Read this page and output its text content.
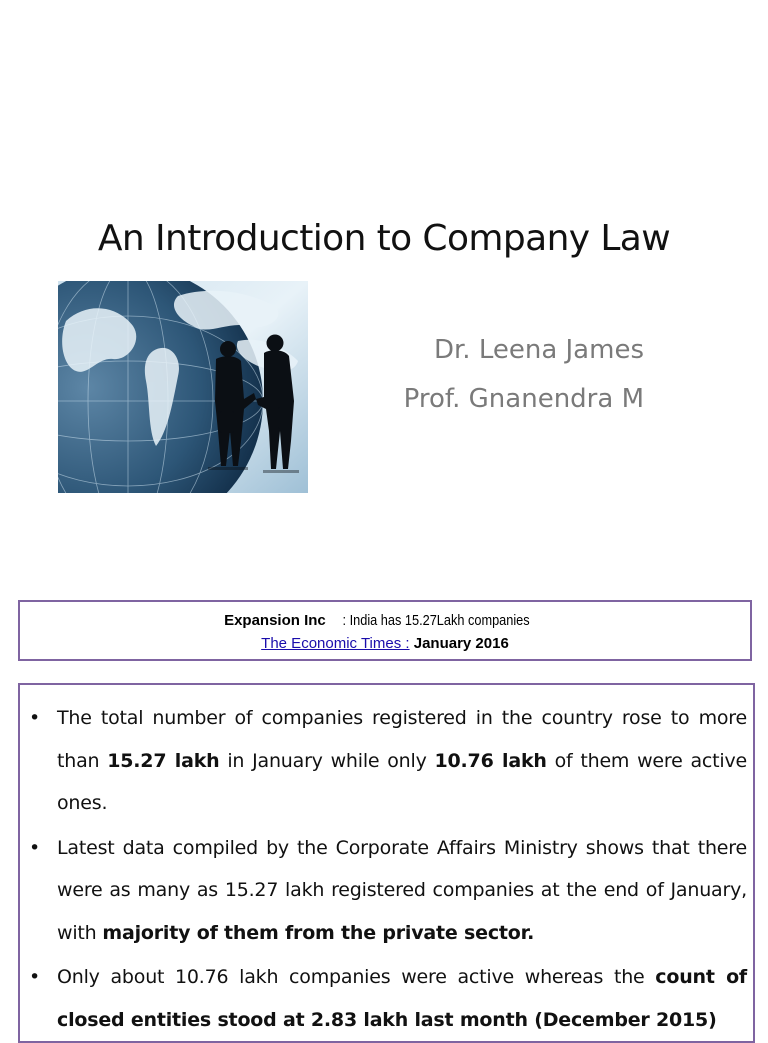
An Introduction to Company Law
Dr. Leena James
Prof. Gnanendra M
Expansion Inc : India has 15.27Lakh companies
The Economic Times : January 2016
• The total number of companies registered in the country rose to more than 15.27 lakh in January while only 10.76 lakh of them were active ones.
• Latest data compiled by the Corporate Affairs Ministry shows that there were as many as 15.27 lakh registered companies at the end of January, with majority of them from the private sector.
• Only about 10.76 lakh companies were active whereas the count of closed entities stood at 2.83 lakh last month (December 2015)
